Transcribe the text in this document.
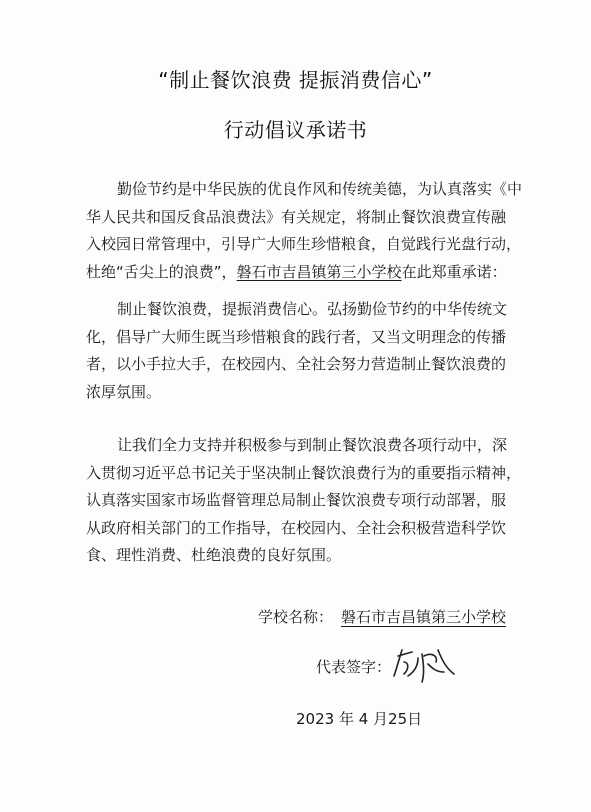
“制止餐饮浪费 提振消费信心”
行动倡议承诺书
勤俭节约是中华民族的优良作风和传统美德，为认真落实《中
华人民共和国反食品浪费法》有关规定，将制止餐饮浪费宣传融
入校园日常管理中，引导广大师生珍惜粮食，自觉践行光盘行动，
杜绝“舌尖上的浪费”，磐石市吉昌镇第三小学校在此郑重承诺：
制止餐饮浪费，提振消费信心。弘扬勤俭节约的中华传统文
化，倡导广大师生既当珍惜粮食的践行者，又当文明理念的传播
者，以小手拉大手，在校园内、全社会努力营造制止餐饮浪费的
浓厚氛围。
让我们全力支持并积极参与到制止餐饮浪费各项行动中，深
入贯彻习近平总书记关于坚决制止餐饮浪费行为的重要指示精神，
认真落实国家市场监督管理总局制止餐饮浪费专项行动部署，服
从政府相关部门的工作指导，在校园内、全社会积极营造科学饮
食、理性消费、杜绝浪费的良好氛围。
学校名称： 磐石市吉昌镇第三小学校
代表签字：
2023 年 4 月25日
